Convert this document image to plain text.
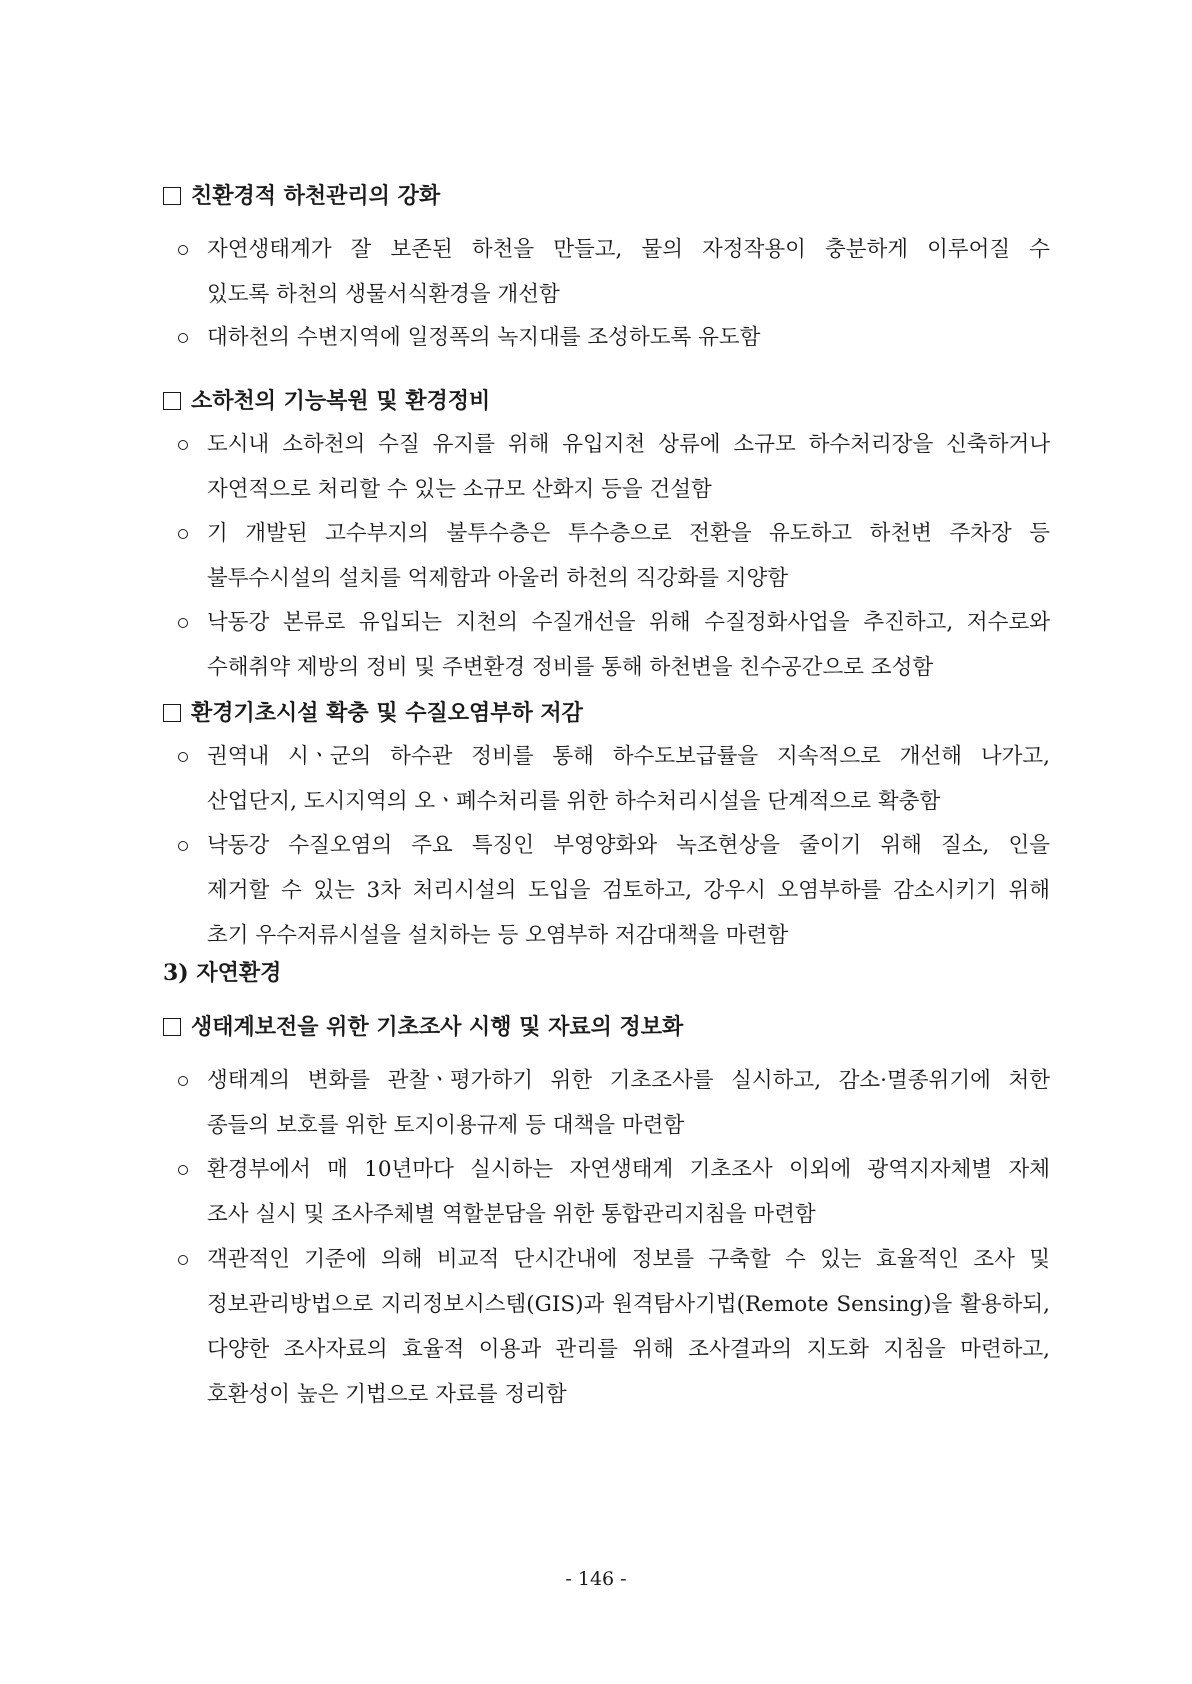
친환경적 하천관리의 강화
자연생태계가 잘 보존된 하천을 만들고, 물의 자정작용이 충분하게 이루어질 수
있도록 하천의 생물서식환경을 개선함
대하천의 수변지역에 일정폭의 녹지대를 조성하도록 유도함
소하천의 기능복원 및 환경정비
도시내 소하천의 수질 유지를 위해 유입지천 상류에 소규모 하수처리장을 신축하거나
자연적으로 처리할 수 있는 소규모 산화지 등을 건설함
기 개발된 고수부지의 불투수층은 투수층으로 전환을 유도하고 하천변 주차장 등
불투수시설의 설치를 억제함과 아울러 하천의 직강화를 지양함
낙동강 본류로 유입되는 지천의 수질개선을 위해 수질정화사업을 추진하고, 저수로와
수해취약 제방의 정비 및 주변환경 정비를 통해 하천변을 친수공간으로 조성함
환경기초시설 확충 및 수질오염부하 저감
권역내 시ㆍ군의 하수관 정비를 통해 하수도보급률을 지속적으로 개선해 나가고,
산업단지, 도시지역의 오ㆍ폐수처리를 위한 하수처리시설을 단계적으로 확충함
낙동강 수질오염의 주요 특징인 부영양화와 녹조현상을 줄이기 위해 질소, 인을
제거할 수 있는 3차 처리시설의 도입을 검토하고, 강우시 오염부하를 감소시키기 위해
초기 우수저류시설을 설치하는 등 오염부하 저감대책을 마련함
3) 자연환경
생태계보전을 위한 기초조사 시행 및 자료의 정보화
생태계의 변화를 관찰ㆍ평가하기 위한 기초조사를 실시하고, 감소·멸종위기에 처한
종들의 보호를 위한 토지이용규제 등 대책을 마련함
환경부에서 매 10년마다 실시하는 자연생태계 기초조사 이외에 광역지자체별 자체
조사 실시 및 조사주체별 역할분담을 위한 통합관리지침을 마련함
객관적인 기준에 의해 비교적 단시간내에 정보를 구축할 수 있는 효율적인 조사 및
정보관리방법으로 지리정보시스템(GIS)과 원격탐사기법(Remote Sensing)을 활용하되,
다양한 조사자료의 효율적 이용과 관리를 위해 조사결과의 지도화 지침을 마련하고,
호환성이 높은 기법으로 자료를 정리함
- 146 -
